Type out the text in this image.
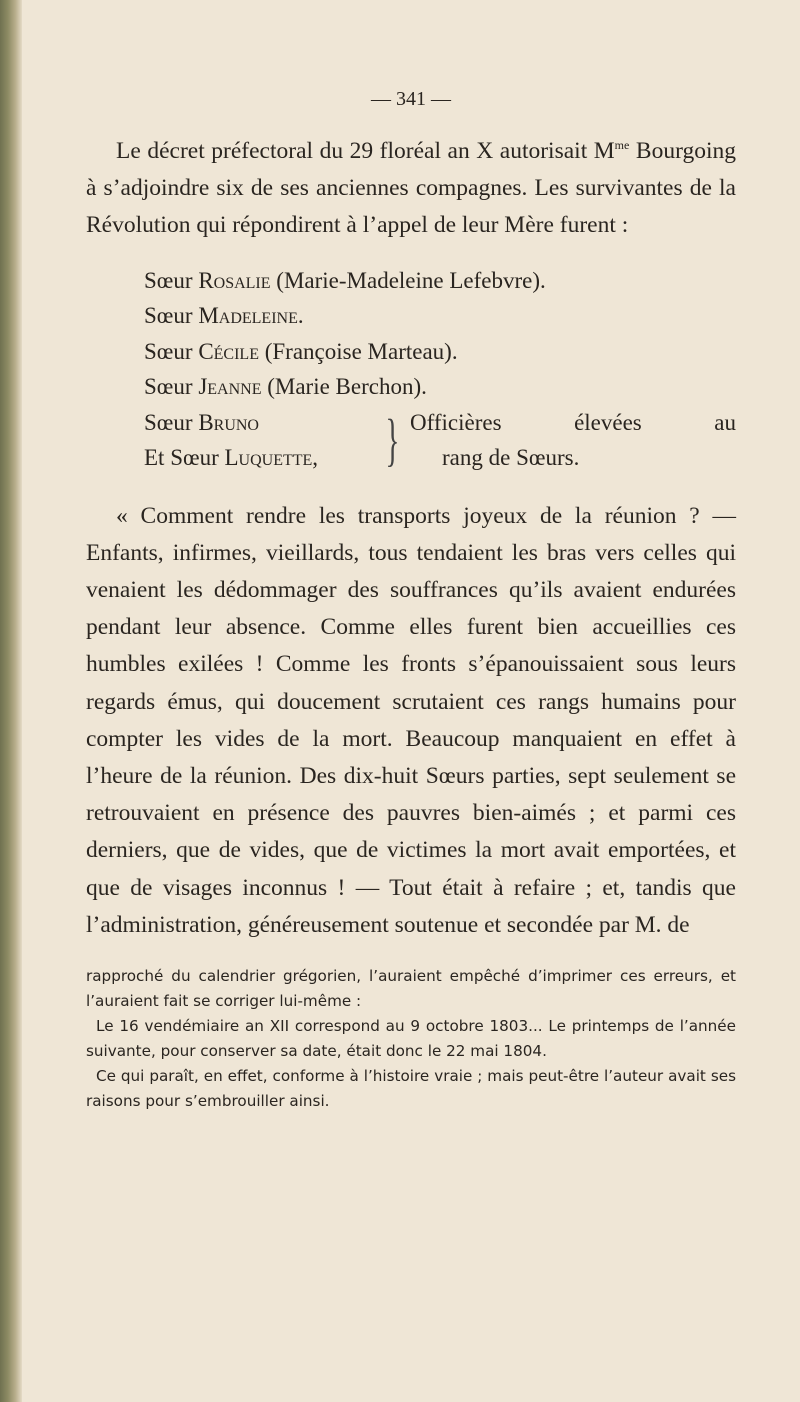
— 341 —

Le décret préfectoral du 29 floréal an X autorisait $M^{me}$ Bourgoing à s’adjoindre six de ses anciennes compagnes. Les survivantes de la Révolution qui répondirent à l’appel de leur Mère furent :

Sœur Rosalie (Marie-Madeleine Lefebvre).
Sœur Madeleine.
Sœur Cécile (Françoise Marteau).
Sœur Jeanne (Marie Berchon).
Sœur Bruno
Et Sœur Luquette,	} Officières	élevées	au
rang de Sœurs.

« Comment rendre les transports joyeux de la réunion ? — Enfants, infirmes, vieillards, tous tendaient les bras vers celles qui venaient les dédommager des souffrances qu’ils avaient endurées pendant leur absence. Comme elles furent bien accueillies ces humbles exilées ! Comme les fronts s’épanouissaient sous leurs regards émus, qui doucement scrutaient ces rangs humains pour compter les vides de la mort. Beaucoup manquaient en effet à l’heure de la réunion. Des dix-huit Sœurs parties, sept seulement se retrouvaient en présence des pauvres bien-aimés ; et parmi ces derniers, que de vides, que de victimes la mort avait emportées, et que de visages inconnus ! — Tout était à refaire ; et, tandis que l’administration, généreusement soutenue et secondée par M. de

rapproché du calendrier grégorien, l’auraient empêché d’imprimer ces erreurs, et l’auraient fait se corriger lui-même :

Le 16 vendémiaire an XII correspond au 9 octobre 1803... Le printemps de l’année suivante, pour conserver sa date, était donc le 22 mai 1804.

Ce qui paraît, en effet, conforme à l’histoire vraie ; mais peut-être l’auteur avait ses raisons pour s’embrouiller ainsi.
